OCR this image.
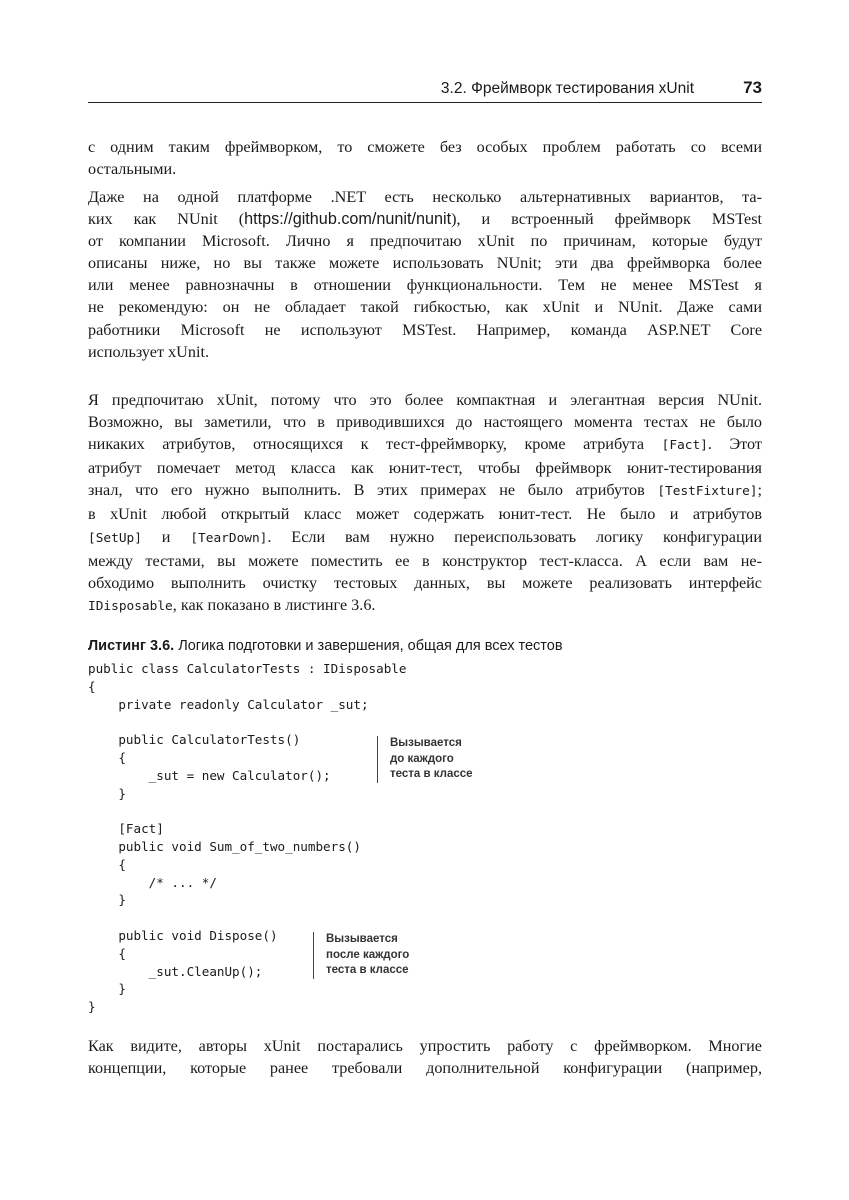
3.2. Фреймворк тестирования xUnit	73
с одним таким фреймворком, то сможете без особых проблем работать со всеми
остальными.
Даже на одной платформе .NET есть несколько альтернативных вариантов, та-
ких как NUnit (https://github.com/nunit/nunit), и встроенный фреймворк MSTest
от компании Microsoft. Лично я предпочитаю xUnit по причинам, которые будут
описаны ниже, но вы также можете использовать NUnit; эти два фреймворка более
или менее равнозначны в отношении функциональности. Тем не менее MSTest я
не рекомендую: он не обладает такой гибкостью, как xUnit и NUnit. Даже сами
работники Microsoft не используют MSTest. Например, команда ASP.NET Core
использует xUnit.
Я предпочитаю xUnit, потому что это более компактная и элегантная версия NUnit.
Возможно, вы заметили, что в приводившихся до настоящего момента тестах не было
никаких атрибутов, относящихся к тест-фреймворку, кроме атрибута [Fact]. Этот
атрибут помечает метод класса как юнит-тест, чтобы фреймворк юнит-тестирования
знал, что его нужно выполнить. В этих примерах не было атрибутов [TestFixture];
в xUnit любой открытый класс может содержать юнит-тест. Не было и атрибутов
[SetUp] и [TearDown]. Если вам нужно переиспользовать логику конфигурации
между тестами, вы можете поместить ее в конструктор тест-класса. А если вам не-
обходимо выполнить очистку тестовых данных, вы можете реализовать интерфейс
IDisposable, как показано в листинге 3.6.
Листинг 3.6. Логика подготовки и завершения, общая для всех тестов
public class CalculatorTests : IDisposable
{
private readonly Calculator _sut;

public CalculatorTests()
{
_sut = new Calculator();
}

[Fact]
public void Sum_of_two_numbers()
{
/* ... */
}

public void Dispose()
{
_sut.CleanUp();
}
}
Вызывается
до каждого
теста в классе
Вызывается
после каждого
теста в классе
Как видите, авторы xUnit постарались упростить работу с фреймворком. Многие
концепции, которые ранее требовали дополнительной конфигурации (например,
